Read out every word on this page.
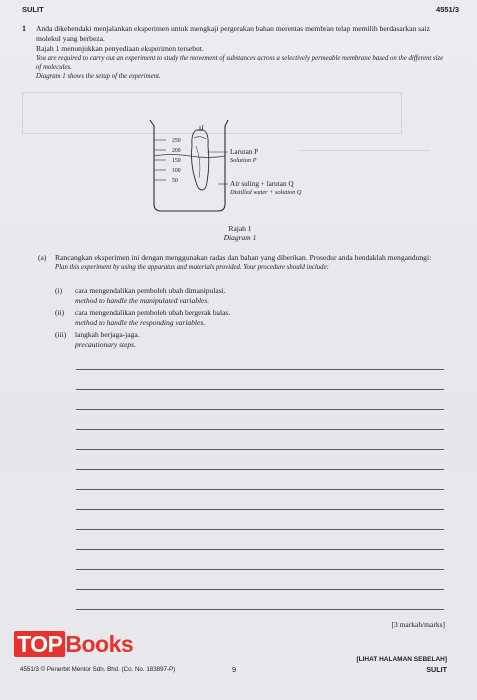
SULIT	4551/3
1 Anda dikehendaki menjalankan eksperimen untuk mengkaji pergerakan bahan merentas membran telap memilih berdasarkan saiz molekul yang berbeza.
Rajah 1 menunjukkan penyediaan eksperimen tersebut.
You are required to carry out an experiment to study the movement of substances across a selectively permeable membrane based on the different size of molecules.
Diagram 1 shows the setup of the experiment.
250
200
150
100
50
Larutan P
Solution P
Air suling + larutan Q
Distilled water + solution Q
Rajah 1
Diagram 1
(a) Rancangkan eksperimen ini dengan menggunakan radas dan bahan yang diberikan. Prosedur anda hendaklah mengandungi:
Plan this experiment by using the apparatus and materials provided. Your procedure should include:
(i) cara mengendalikan pemboleh ubah dimanipulasi.
method to handle the manipulated variables.
(ii) cara mengendalikan pemboleh ubah bergerak balas.
method to handle the responding variables.
(iii) langkah berjaga-jaga.
precautionary steps.
[3 markah/marks]
TOP Books
4551/3 © Penerbit Mentor Sdn. Bhd. (Co. No. 183897-P)	9
[LIHAT HALAMAN SEBELAH]
SULIT
